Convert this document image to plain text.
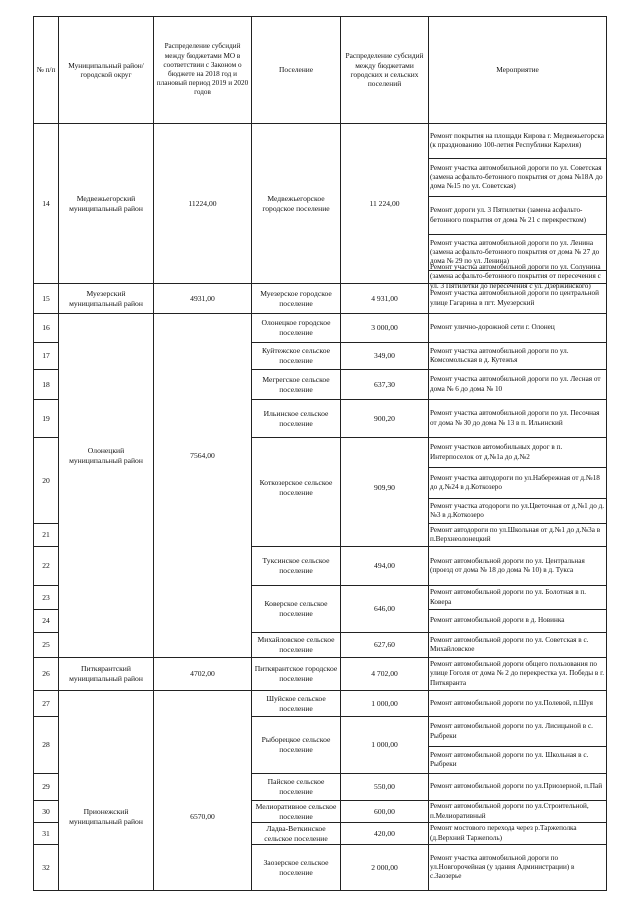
№ п/п
Муниципальный район/городской округ
Распределение субсидий между бюджетами МО в соответствии с Законом о бюджете на 2018 год и плановый период 2019 и 2020 годов
Поселение
Распределение субсидий между бюджетами городских и сельских поселений
Мероприятие
14
15
16
17
18
19
20
21
22
23
24
25
26
27
28
29
30
31
32
Медвежьегорский муниципальный район
11224,00
Муезерский муниципальный район
4931,00
Олонецкий муниципальный район
7564,00
Питкярантский муниципальный район
4702,00
Прионежский муниципальный район
6570,00
Медвежьегорское городское поселение
11 224,00
Муезерское городское поселение
4 931,00
Олонецкое городское поселение
3 000,00
Куйтежское сельское поселение
349,00
Мегрегское сельское поселение
637,30
Ильинское сельское поселение
900,20
Коткозерское сельское поселение
909,90
Туксинское сельское поселение
494,00
Коверское сельское поселение
646,00
Михайловское сельское поселение
627,60
Питкярантское городское поселение
4 702,00
Шуйское сельское поселение
1 000,00
Рыборецкое сельское поселение
1 000,00
Пайское сельское поселение
550,00
Мелиоративное сельское поселение
600,00
Ладва-Веткинское сельское поселение
420,00
Заозерское сельское поселение
2 000,00
Ремонт покрытия на площади Кирова г. Медвежьегорска (к празднованию 100-летия Республики Карелия)
Ремонт участка автомобильной дороги по ул. Советская (замена асфальто-бетонного покрытия от дома №18А до дома №15 по ул. Советская)
Ремонт дороги ул. 3 Пятилетки (замена асфальто-бетонного покрытия от дома № 21 с перекрестком)
Ремонт участка автомобильной дороги по ул. Ленина (замена асфальто-бетонного покрытия от дома № 27 до дома № 29 по ул. Ленина)
Ремонт участка автомобильной дороги по ул. Солунина (замена асфальто-бетонного покрытия от пересечения с ул. 3 Пятилетки до пересечения с ул. Дзержинского)
Ремонт участка автомобильной дороги по центральной улице Гагарина в пгт. Муезерский
Ремонт улично-дорожной сети г. Олонец
Ремонт участка автомобильной дороги по ул. Комсомольская в д. Кутежъя
Ремонт участка автомобильной дороги по ул. Лесная от дома № 6 до дома № 10
Ремонт участка автомобильной дороги по ул. Песочная от дома № 30 до дома № 13 в п. Ильинский
Ремонт участков автомобильных дорог в п. Интерпоселок от д.№1а до д.№2
Ремонт участка автодороги по ул.Набережная от д.№18 до д.№24 в д.Коткозеро
Ремонт участка атодороги по ул.Цветочная от д.№1 до д.№3 в д.Коткозеро
Ремонт автодороги по ул.Школьная от д.№1 до д.№3а в п.Верхнеолонецкий
Ремонт автомобильной дороги по ул. Центральная (проезд от дома № 18 до дома № 10) в д. Тукса
Ремонт автомобильной дороги по ул. Болотная в п. Ковера
Ремонт автомобильной дороги в д. Новинка
Ремонт автомобильной дороги по ул. Советская в с. Михайловское
Ремонт автомобильной дороги общего пользования по улице Гоголя от дома № 2 до перекрестка ул. Победы в г. Питкяранта
Ремонт автомобильной дороги по ул.Полевой, п.Шуя
Ремонт автомобильной дороги по ул. Лисицыной в с. Рыбреки
Ремонт автомобильной дороги по ул. Школьная в с. Рыбреки
Ремонт автомобильной дороги по ул.Приозерной, п.Пай
Ремонт автомобильной дороги по ул.Строительной, п.Мелиоративный
Ремонт мостового перехода через р.Таржеполка (д.Верхний Таржеполь)
Ремонт участка автомобильной дороги по ул.Новгорочейная (у здания Администрации) в с.Заозерье
